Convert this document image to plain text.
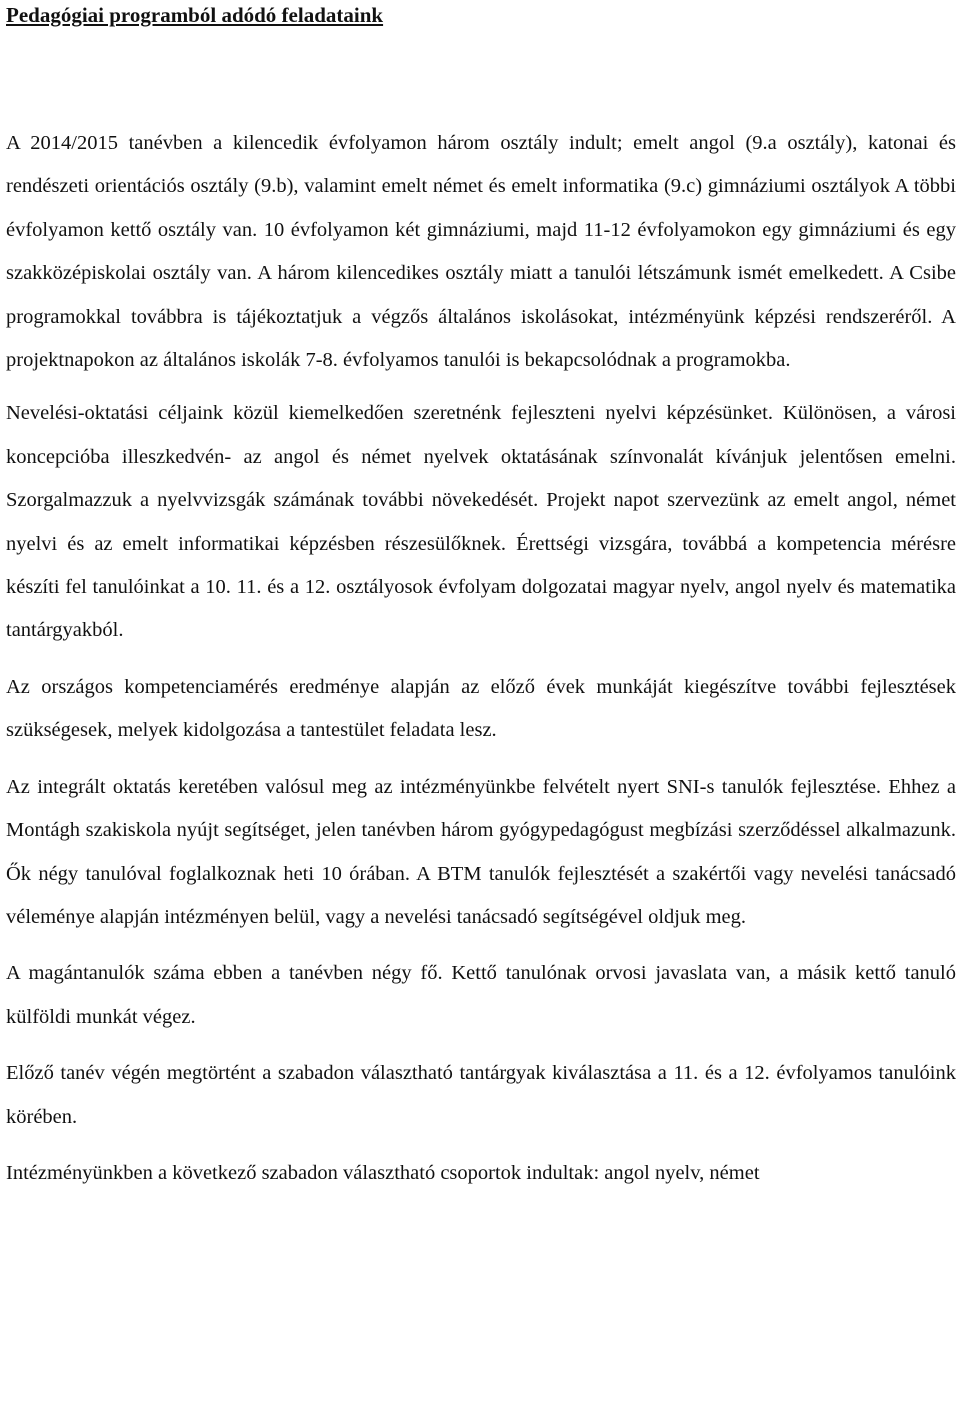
Pedagógiai programból adódó feladataink

A 2014/2015 tanévben a kilencedik évfolyamon három osztály indult; emelt angol (9.a osztály), katonai és rendészeti orientációs osztály (9.b), valamint emelt német és emelt informatika (9.c) gimnáziumi osztályok A többi évfolyamon kettő osztály van. 10 évfolyamon két gimnáziumi, majd 11-12 évfolyamokon egy gimnáziumi és egy szakközépiskolai osztály van. A három kilencedikes osztály miatt a tanulói létszámunk ismét emelkedett. A Csibe programokkal továbbra is tájékoztatjuk a végzős általános iskolásokat, intézményünk képzési rendszeréről. A projektnapokon az általános iskolák 7-8. évfolyamos tanulói is bekapcsolódnak a programokba.

Nevelési-oktatási céljaink közül kiemelkedően szeretnénk fejleszteni nyelvi képzésünket. Különösen, a városi koncepcióba illeszkedvén- az angol és német nyelvek oktatásának színvonalát kívánjuk jelentősen emelni. Szorgalmazzuk a nyelvvizsgák számának további növekedését. Projekt napot szervezünk az emelt angol, német nyelvi és az emelt informatikai képzésben részesülőknek. Érettségi vizsgára, továbbá a kompetencia mérésre készíti fel tanulóinkat a 10. 11. és a 12. osztályosok évfolyam dolgozatai magyar nyelv, angol nyelv és matematika tantárgyakból.

Az országos kompetenciamérés eredménye alapján az előző évek munkáját kiegészítve további fejlesztések szükségesek, melyek kidolgozása a tantestület feladata lesz.

Az integrált oktatás keretében valósul meg az intézményünkbe felvételt nyert SNI-s tanulók fejlesztése. Ehhez a Montágh szakiskola nyújt segítséget, jelen tanévben három gyógypedagógust megbízási szerződéssel alkalmazunk. Ők négy tanulóval foglalkoznak heti 10 órában. A BTM tanulók fejlesztését a szakértői vagy nevelési tanácsadó véleménye alapján intézményen belül, vagy a nevelési tanácsadó segítségével oldjuk meg.

A magántanulók száma ebben a tanévben négy fő. Kettő tanulónak orvosi javaslata van, a másik kettő tanuló külföldi munkát végez.

Előző tanév végén megtörtént a szabadon választható tantárgyak kiválasztása a 11. és a 12. évfolyamos tanulóink körében.

Intézményünkben a következő szabadon választható csoportok indultak: angol nyelv, német
